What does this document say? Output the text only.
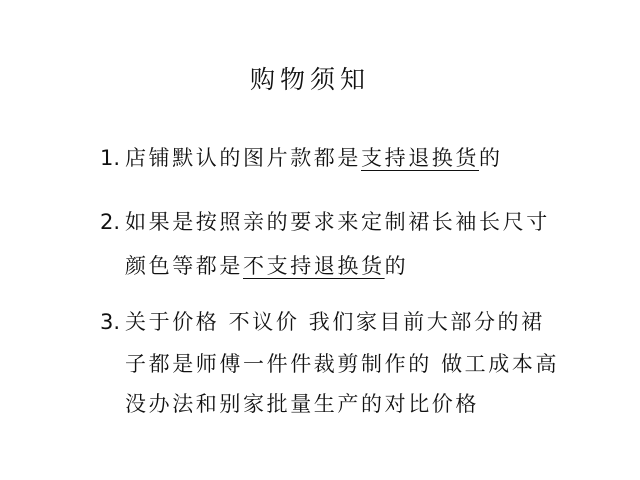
购物须知
1. 店铺默认的图片款都是支持退换货的
2. 如果是按照亲的要求来定制裙长袖长尺寸
颜色等都是不支持退换货的
3. 关于价格 不议价 我们家目前大部分的裙
子都是师傅一件件裁剪制作的 做工成本高
没办法和别家批量生产的对比价格
